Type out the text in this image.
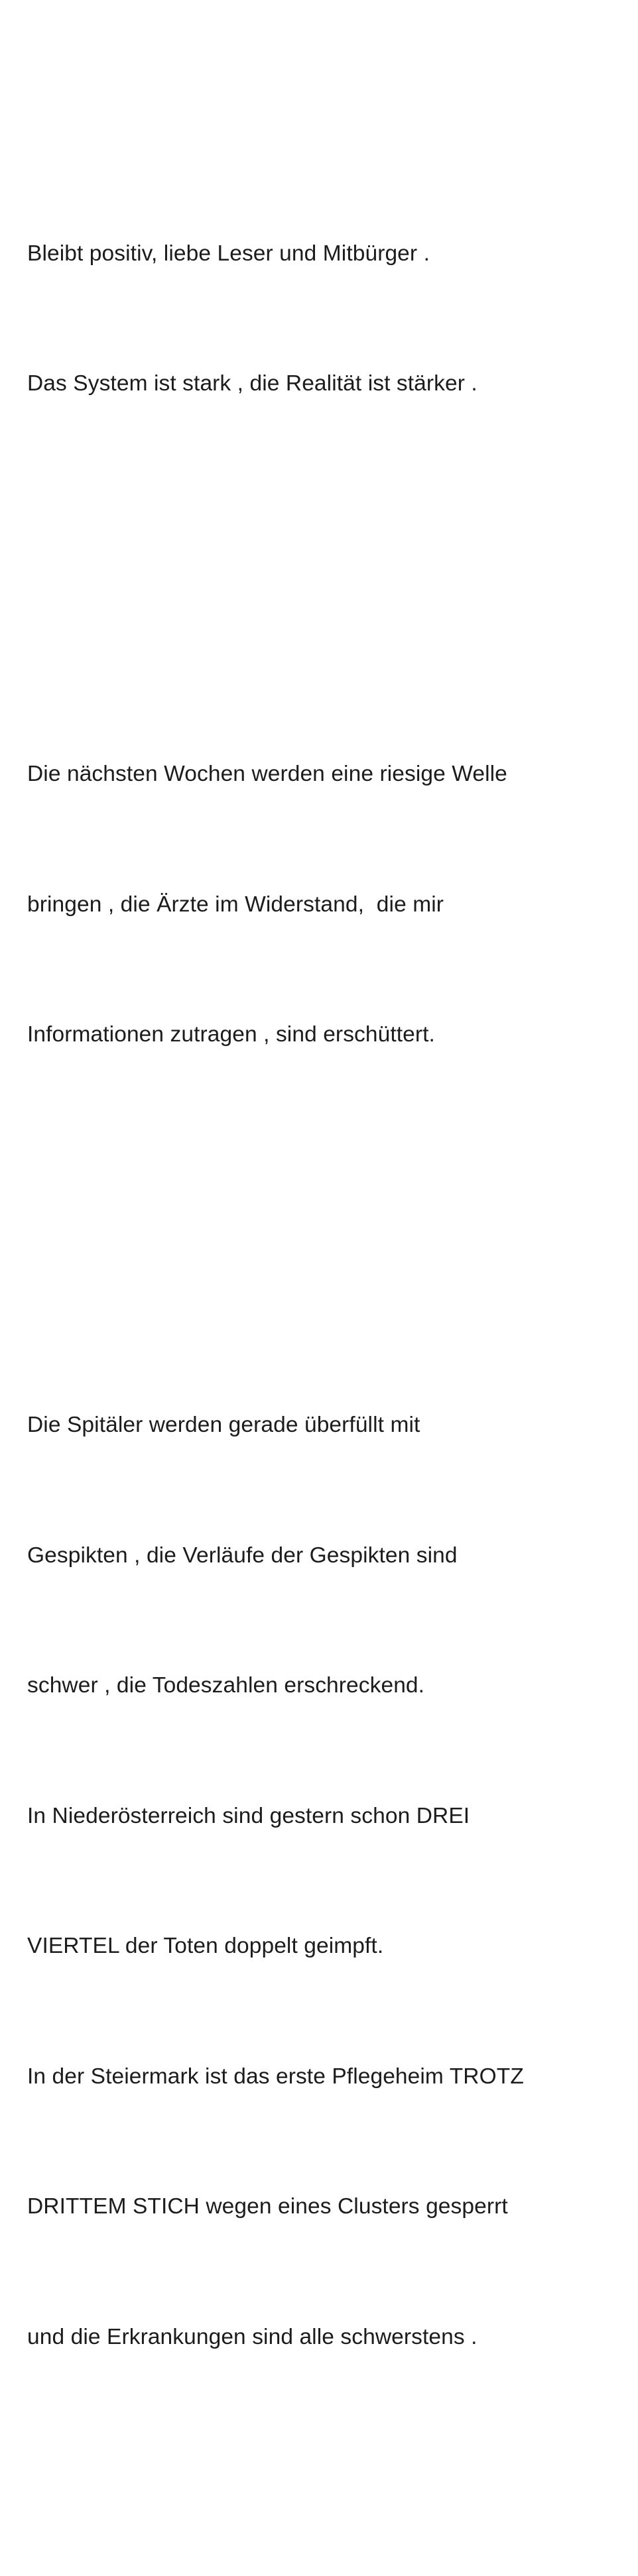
Bleibt positiv, liebe Leser und Mitbürger .

Das System ist stark , die Realität ist stärker .

Die nächsten Wochen werden eine riesige Welle

bringen , die Ärzte im Widerstand,  die mir

Informationen zutragen , sind erschüttert.

Die Spitäler werden gerade überfüllt mit

Gespikten , die Verläufe der Gespikten sind

schwer , die Todeszahlen erschreckend.

In Niederösterreich sind gestern schon DREI

VIERTEL der Toten doppelt geimpft.

In der Steiermark ist das erste Pflegeheim TROTZ

DRITTEM STICH wegen eines Clusters gesperrt

und die Erkrankungen sind alle schwerstens .
